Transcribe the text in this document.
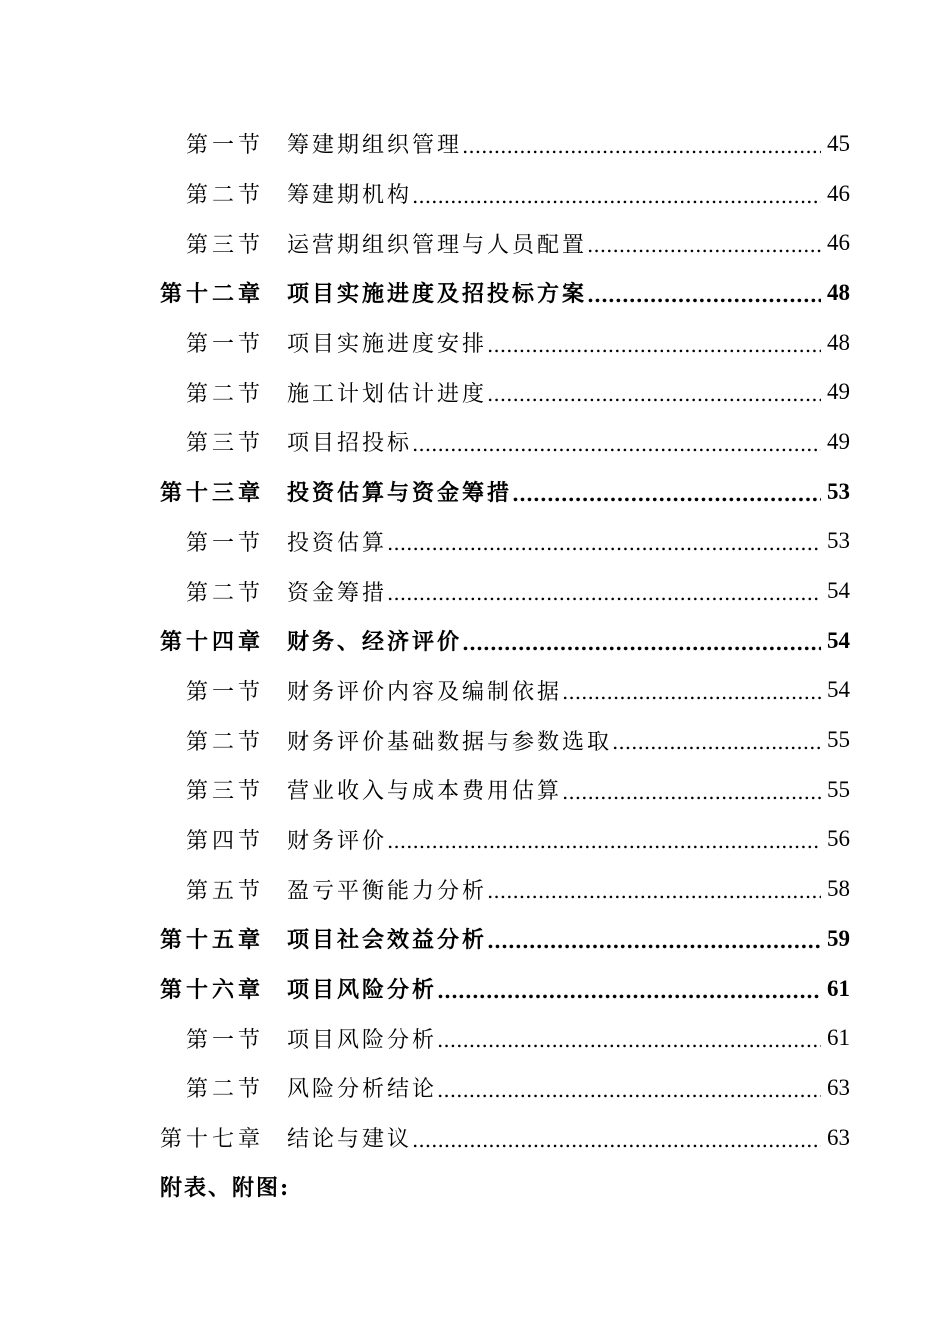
第一节	筹建期组织管理 .....	45
第二节	筹建期机构 .....	46
第三节	运营期组织管理与人员配置 .....	46
第十二章	项目实施进度及招投标方案 .....	48
第一节	项目实施进度安排 .....	48
第二节	施工计划估计进度 .....	49
第三节	项目招投标 .....	49
第十三章	投资估算与资金筹措 .....	53
第一节	投资估算 .....	53
第二节	资金筹措 .....	54
第十四章	财务、经济评价 .....	54
第一节	财务评价内容及编制依据 .....	54
第二节	财务评价基础数据与参数选取 .....	55
第三节	营业收入与成本费用估算 .....	55
第四节	财务评价 .....	56
第五节	盈亏平衡能力分析 .....	58
第十五章	项目社会效益分析 .....	59
第十六章	项目风险分析 .....	61
第一节	项目风险分析 .....	61
第二节	风险分析结论 .....	63
第十七章	结论与建议 .....	63
附表、附图:
